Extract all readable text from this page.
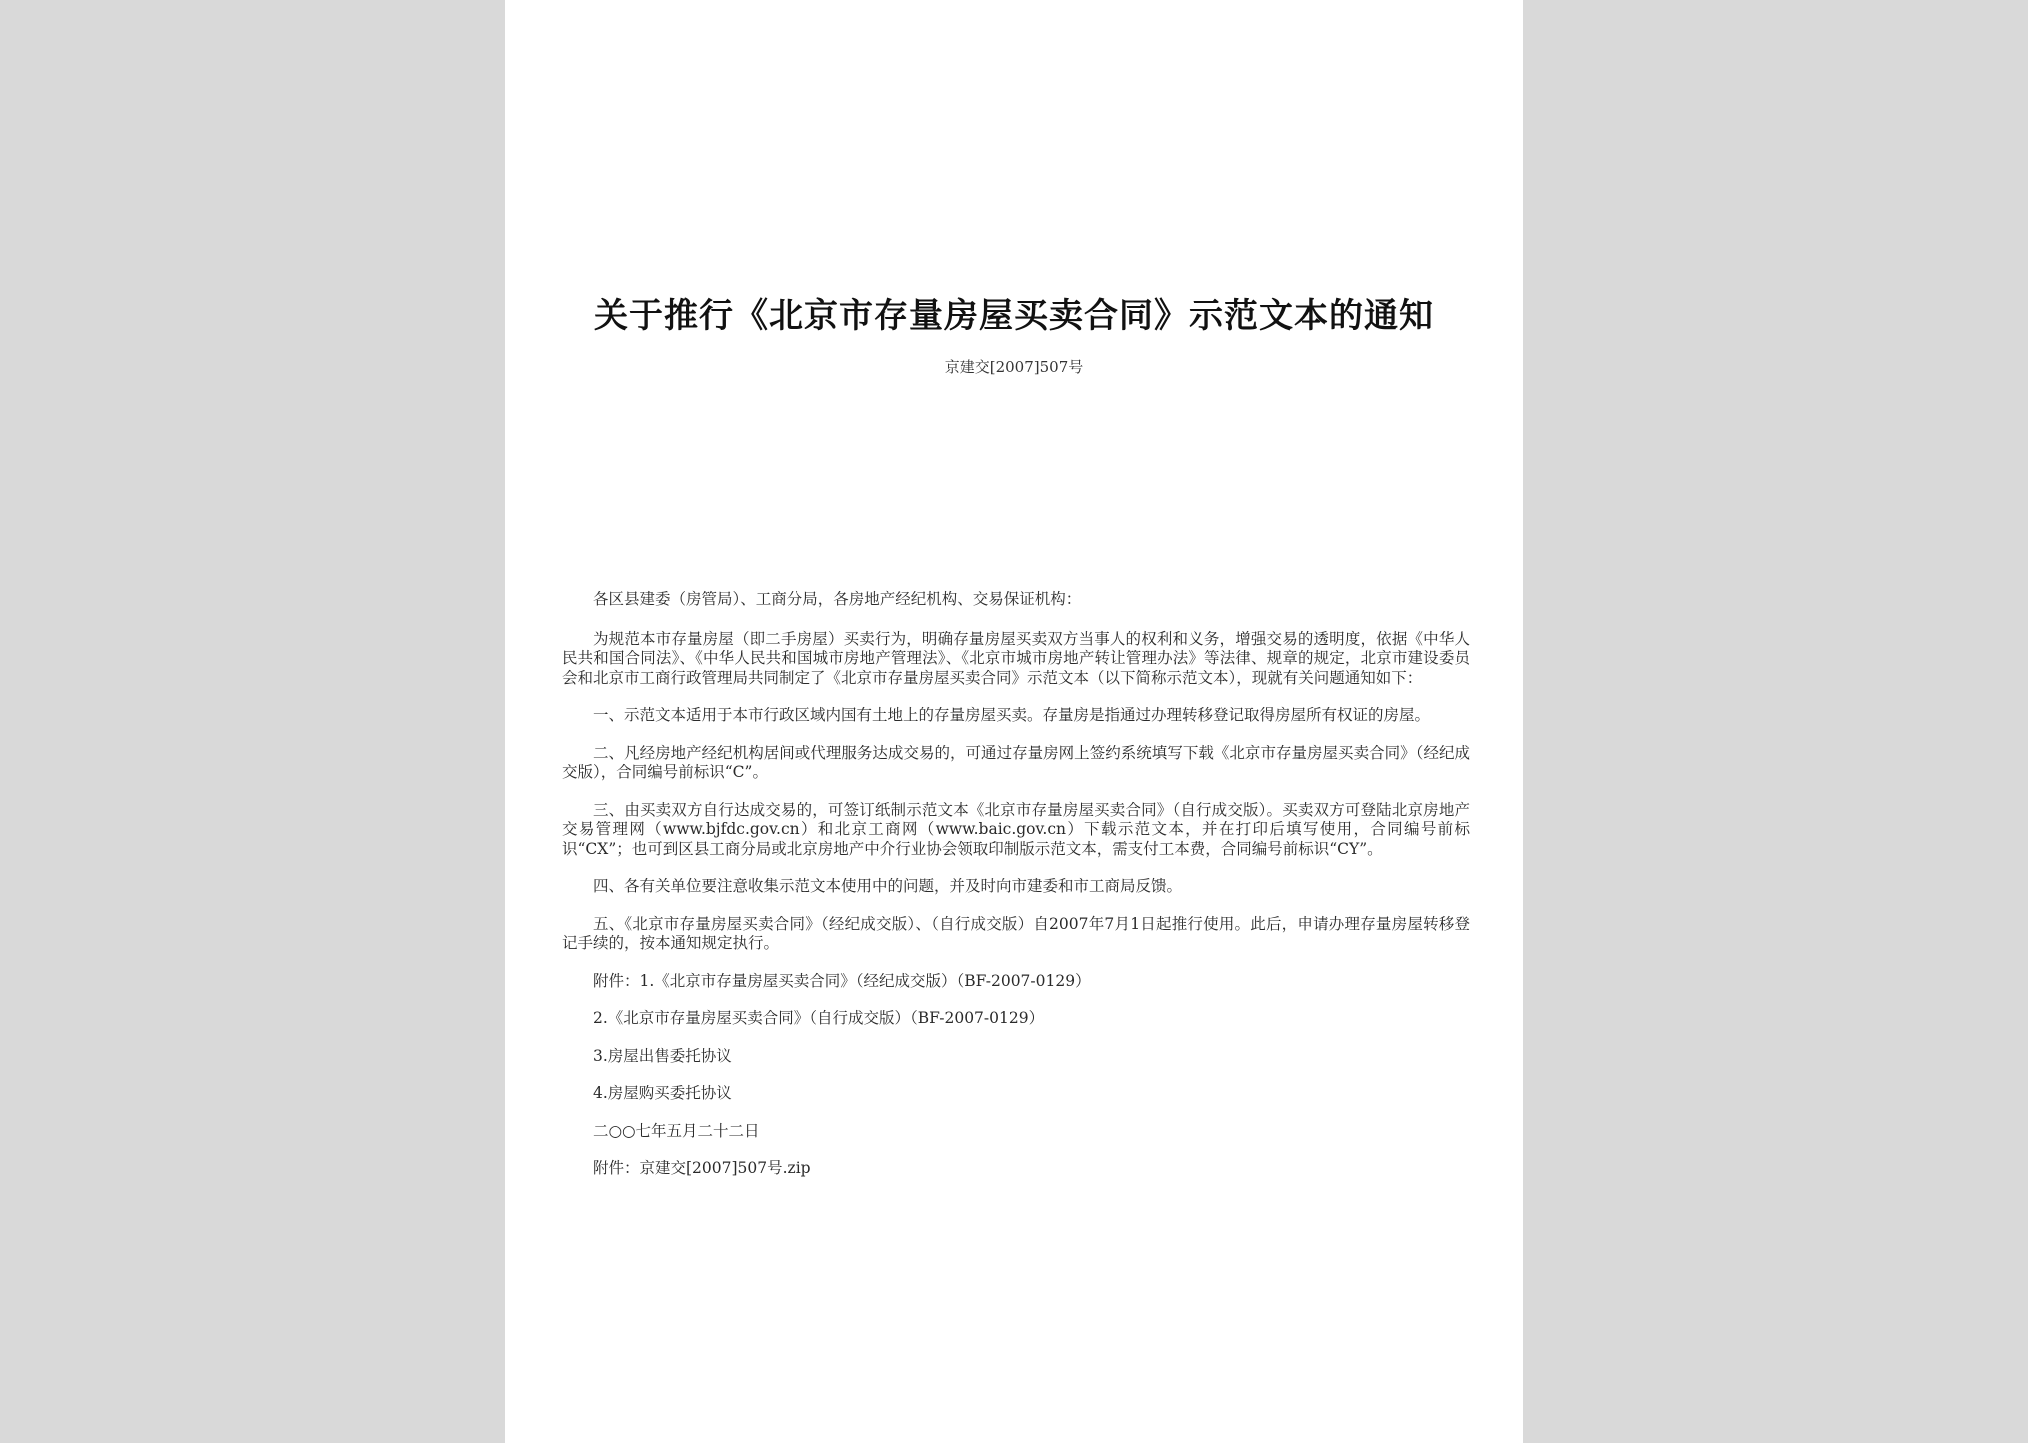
关于推行《北京市存量房屋买卖合同》示范文本的通知
京建交[2007]507号

各区县建委（房管局）、工商分局，各房地产经纪机构、交易保证机构：

为规范本市存量房屋（即二手房屋）买卖行为，明确存量房屋买卖双方当事人的权利和义务，增强交易的透明度，依据《中华人民共和国合同法》、《中华人民共和国城市房地产管理法》、《北京市城市房地产转让管理办法》等法律、规章的规定，北京市建设委员会和北京市工商行政管理局共同制定了《北京市存量房屋买卖合同》示范文本（以下简称示范文本），现就有关问题通知如下：

一、示范文本适用于本市行政区域内国有土地上的存量房屋买卖。存量房是指通过办理转移登记取得房屋所有权证的房屋。

二、凡经房地产经纪机构居间或代理服务达成交易的，可通过存量房网上签约系统填写下载《北京市存量房屋买卖合同》（经纪成交版），合同编号前标识“C”。

三、由买卖双方自行达成交易的，可签订纸制示范文本《北京市存量房屋买卖合同》（自行成交版）。买卖双方可登陆北京房地产交易管理网（www.bjfdc.gov.cn）和北京工商网（www.baic.gov.cn）下载示范文本，并在打印后填写使用，合同编号前标识“CX”；也可到区县工商分局或北京房地产中介行业协会领取印制版示范文本，需支付工本费，合同编号前标识“CY”。

四、各有关单位要注意收集示范文本使用中的问题，并及时向市建委和市工商局反馈。

五、《北京市存量房屋买卖合同》（经纪成交版）、（自行成交版）自2007年7月1日起推行使用。此后，申请办理存量房屋转移登记手续的，按本通知规定执行。

附件：1.《北京市存量房屋买卖合同》（经纪成交版）（BF-2007-0129）

2.《北京市存量房屋买卖合同》（自行成交版）（BF-2007-0129）

3.房屋出售委托协议

4.房屋购买委托协议

二○○七年五月二十二日

附件：京建交[2007]507号.zip
